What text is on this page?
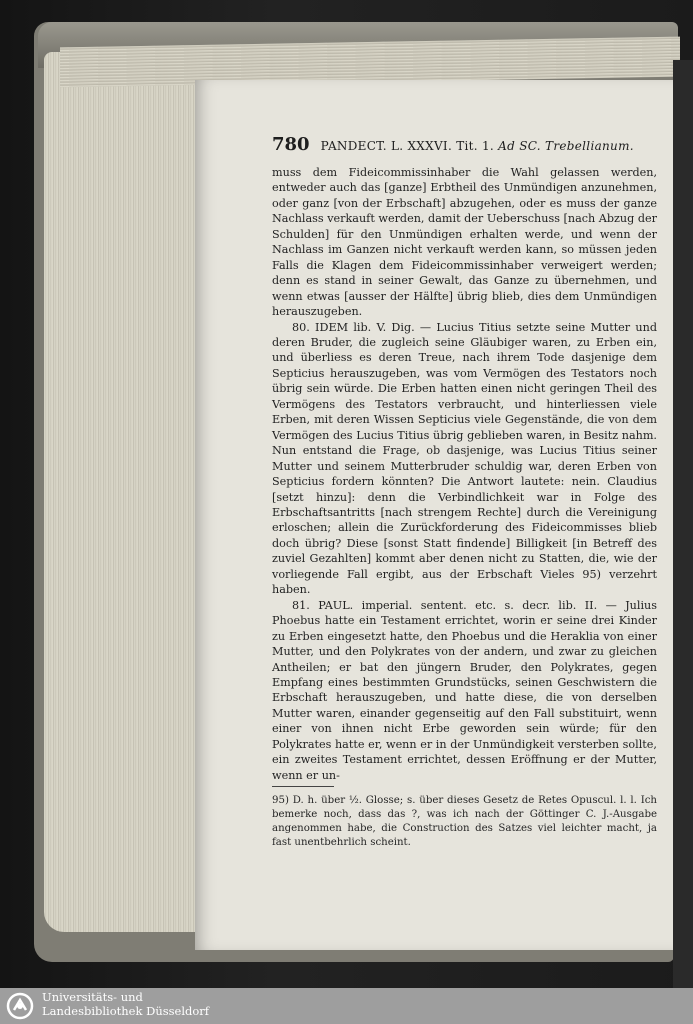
780 PANDECT. L. XXXVI. Tit. 1. Ad SC. Trebellianum.

muss dem Fideicommissinhaber die Wahl gelassen werden, entweder auch das [ganze] Erbtheil des Unmündigen anzunehmen, oder ganz [von der Erbschaft] abzugehen, oder es muss der ganze Nachlass verkauft werden, damit der Ueberschuss [nach Abzug der Schulden] für den Unmündigen erhalten werde, und wenn der Nachlass im Ganzen nicht verkauft werden kann, so müssen jeden Falls die Klagen dem Fideicommissinhaber verweigert werden; denn es stand in seiner Gewalt, das Ganze zu übernehmen, und wenn etwas [ausser der Hälfte] übrig blieb, dies dem Unmündigen herauszugeben.

80. IDEM lib. V. Dig. — Lucius Titius setzte seine Mutter und deren Bruder, die zugleich seine Gläubiger waren, zu Erben ein, und überliess es deren Treue, nach ihrem Tode dasjenige dem Septicius herauszugeben, was vom Vermögen des Testators noch übrig sein würde. Die Erben hatten einen nicht geringen Theil des Vermögens des Testators verbraucht, und hinterliessen viele Erben, mit deren Wissen Septicius viele Gegenstände, die von dem Vermögen des Lucius Titius übrig geblieben waren, in Besitz nahm. Nun entstand die Frage, ob dasjenige, was Lucius Titius seiner Mutter und seinem Mutterbruder schuldig war, deren Erben von Septicius fordern könnten? Die Antwort lautete: nein. Claudius [setzt hinzu]: denn die Verbindlichkeit war in Folge des Erbschaftsantritts [nach strengem Rechte] durch die Vereinigung erloschen; allein die Zurückforderung des Fideicommisses blieb doch übrig? Diese [sonst Statt findende] Billigkeit [in Betreff des zuviel Gezahlten] kommt aber denen nicht zu Statten, die, wie der vorliegende Fall ergibt, aus der Erbschaft Vieles 95) verzehrt haben.

81. PAUL. imperial. sentent. etc. s. decr. lib. II. — Julius Phoebus hatte ein Testament errichtet, worin er seine drei Kinder zu Erben eingesetzt hatte, den Phoebus und die Heraklia von einer Mutter, und den Polykrates von der andern, und zwar zu gleichen Antheilen; er bat den jüngern Bruder, den Polykrates, gegen Empfang eines bestimmten Grundstücks, seinen Geschwistern die Erbschaft herauszugeben, und hatte diese, die von derselben Mutter waren, einander gegenseitig auf den Fall substituirt, wenn einer von ihnen nicht Erbe geworden sein würde; für den Polykrates hatte er, wenn er in der Unmündigkeit versterben sollte, ein zweites Testament errichtet, dessen Eröffnung er der Mutter, wenn er un-

95) D. h. über ½. Glosse; s. über dieses Gesetz de Retes Opuscul. l. l. Ich bemerke noch, dass das ?, was ich nach der Göttinger C. J.-Ausgabe angenommen habe, die Construction des Satzes viel leichter macht, ja fast unentbehrlich scheint.
Universitäts- und
Landesbibliothek Düsseldorf
